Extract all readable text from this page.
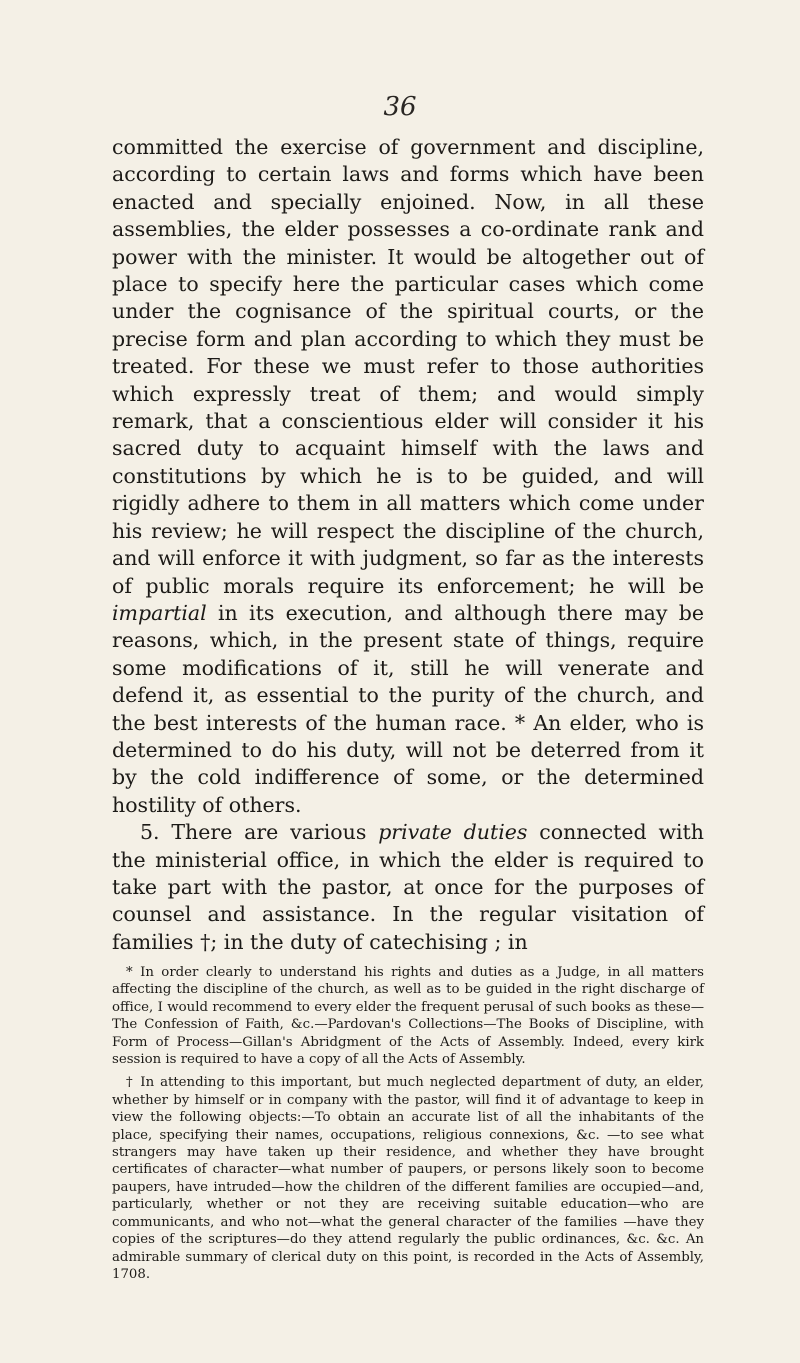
36

committed the exercise of government and discipline, according to certain laws and forms which have been enacted and specially enjoined. Now, in all these assemblies, the elder possesses a co-ordinate rank and power with the minister. It would be altogether out of place to specify here the particular cases which come under the cognisance of the spiritual courts, or the precise form and plan according to which they must be treated. For these we must refer to those authorities which expressly treat of them; and would simply remark, that a conscientious elder will consider it his sacred duty to acquaint himself with the laws and constitutions by which he is to be guided, and will rigidly adhere to them in all matters which come under his review; he will respect the discipline of the church, and will enforce it with judgment, so far as the interests of public morals require its enforcement; he will be impartial in its execution, and although there may be reasons, which, in the present state of things, require some modifications of it, still he will venerate and defend it, as essential to the purity of the church, and the best interests of the human race. * An elder, who is determined to do his duty, will not be deterred from it by the cold indifference of some, or the determined hostility of others.

5. There are various private duties connected with the ministerial office, in which the elder is required to take part with the pastor, at once for the purposes of counsel and assistance. In the regular visitation of families †; in the duty of catechising ; in

* In order clearly to understand his rights and duties as a Judge, in all matters affecting the discipline of the church, as well as to be guided in the right discharge of office, I would recommend to every elder the frequent perusal of such books as these—The Confession of Faith, &c.—Pardovan's Collections—The Books of Discipline, with Form of Process—Gillan's Abridgment of the Acts of Assembly. Indeed, every kirk session is required to have a copy of all the Acts of Assembly.

† In attending to this important, but much neglected department of duty, an elder, whether by himself or in company with the pastor, will find it of advantage to keep in view the following objects:—To obtain an accurate list of all the inhabitants of the place, specifying their names, occupations, religious connexions, &c. —to see what strangers may have taken up their residence, and whether they have brought certificates of character—what number of paupers, or persons likely soon to become paupers, have intruded—how the children of the different families are occupied—and, particularly, whether or not they are receiving suitable education—who are communicants, and who not—what the general character of the families —have they copies of the scriptures—do they attend regularly the public ordinances, &c. &c. An admirable summary of clerical duty on this point, is recorded in the Acts of Assembly, 1708.
